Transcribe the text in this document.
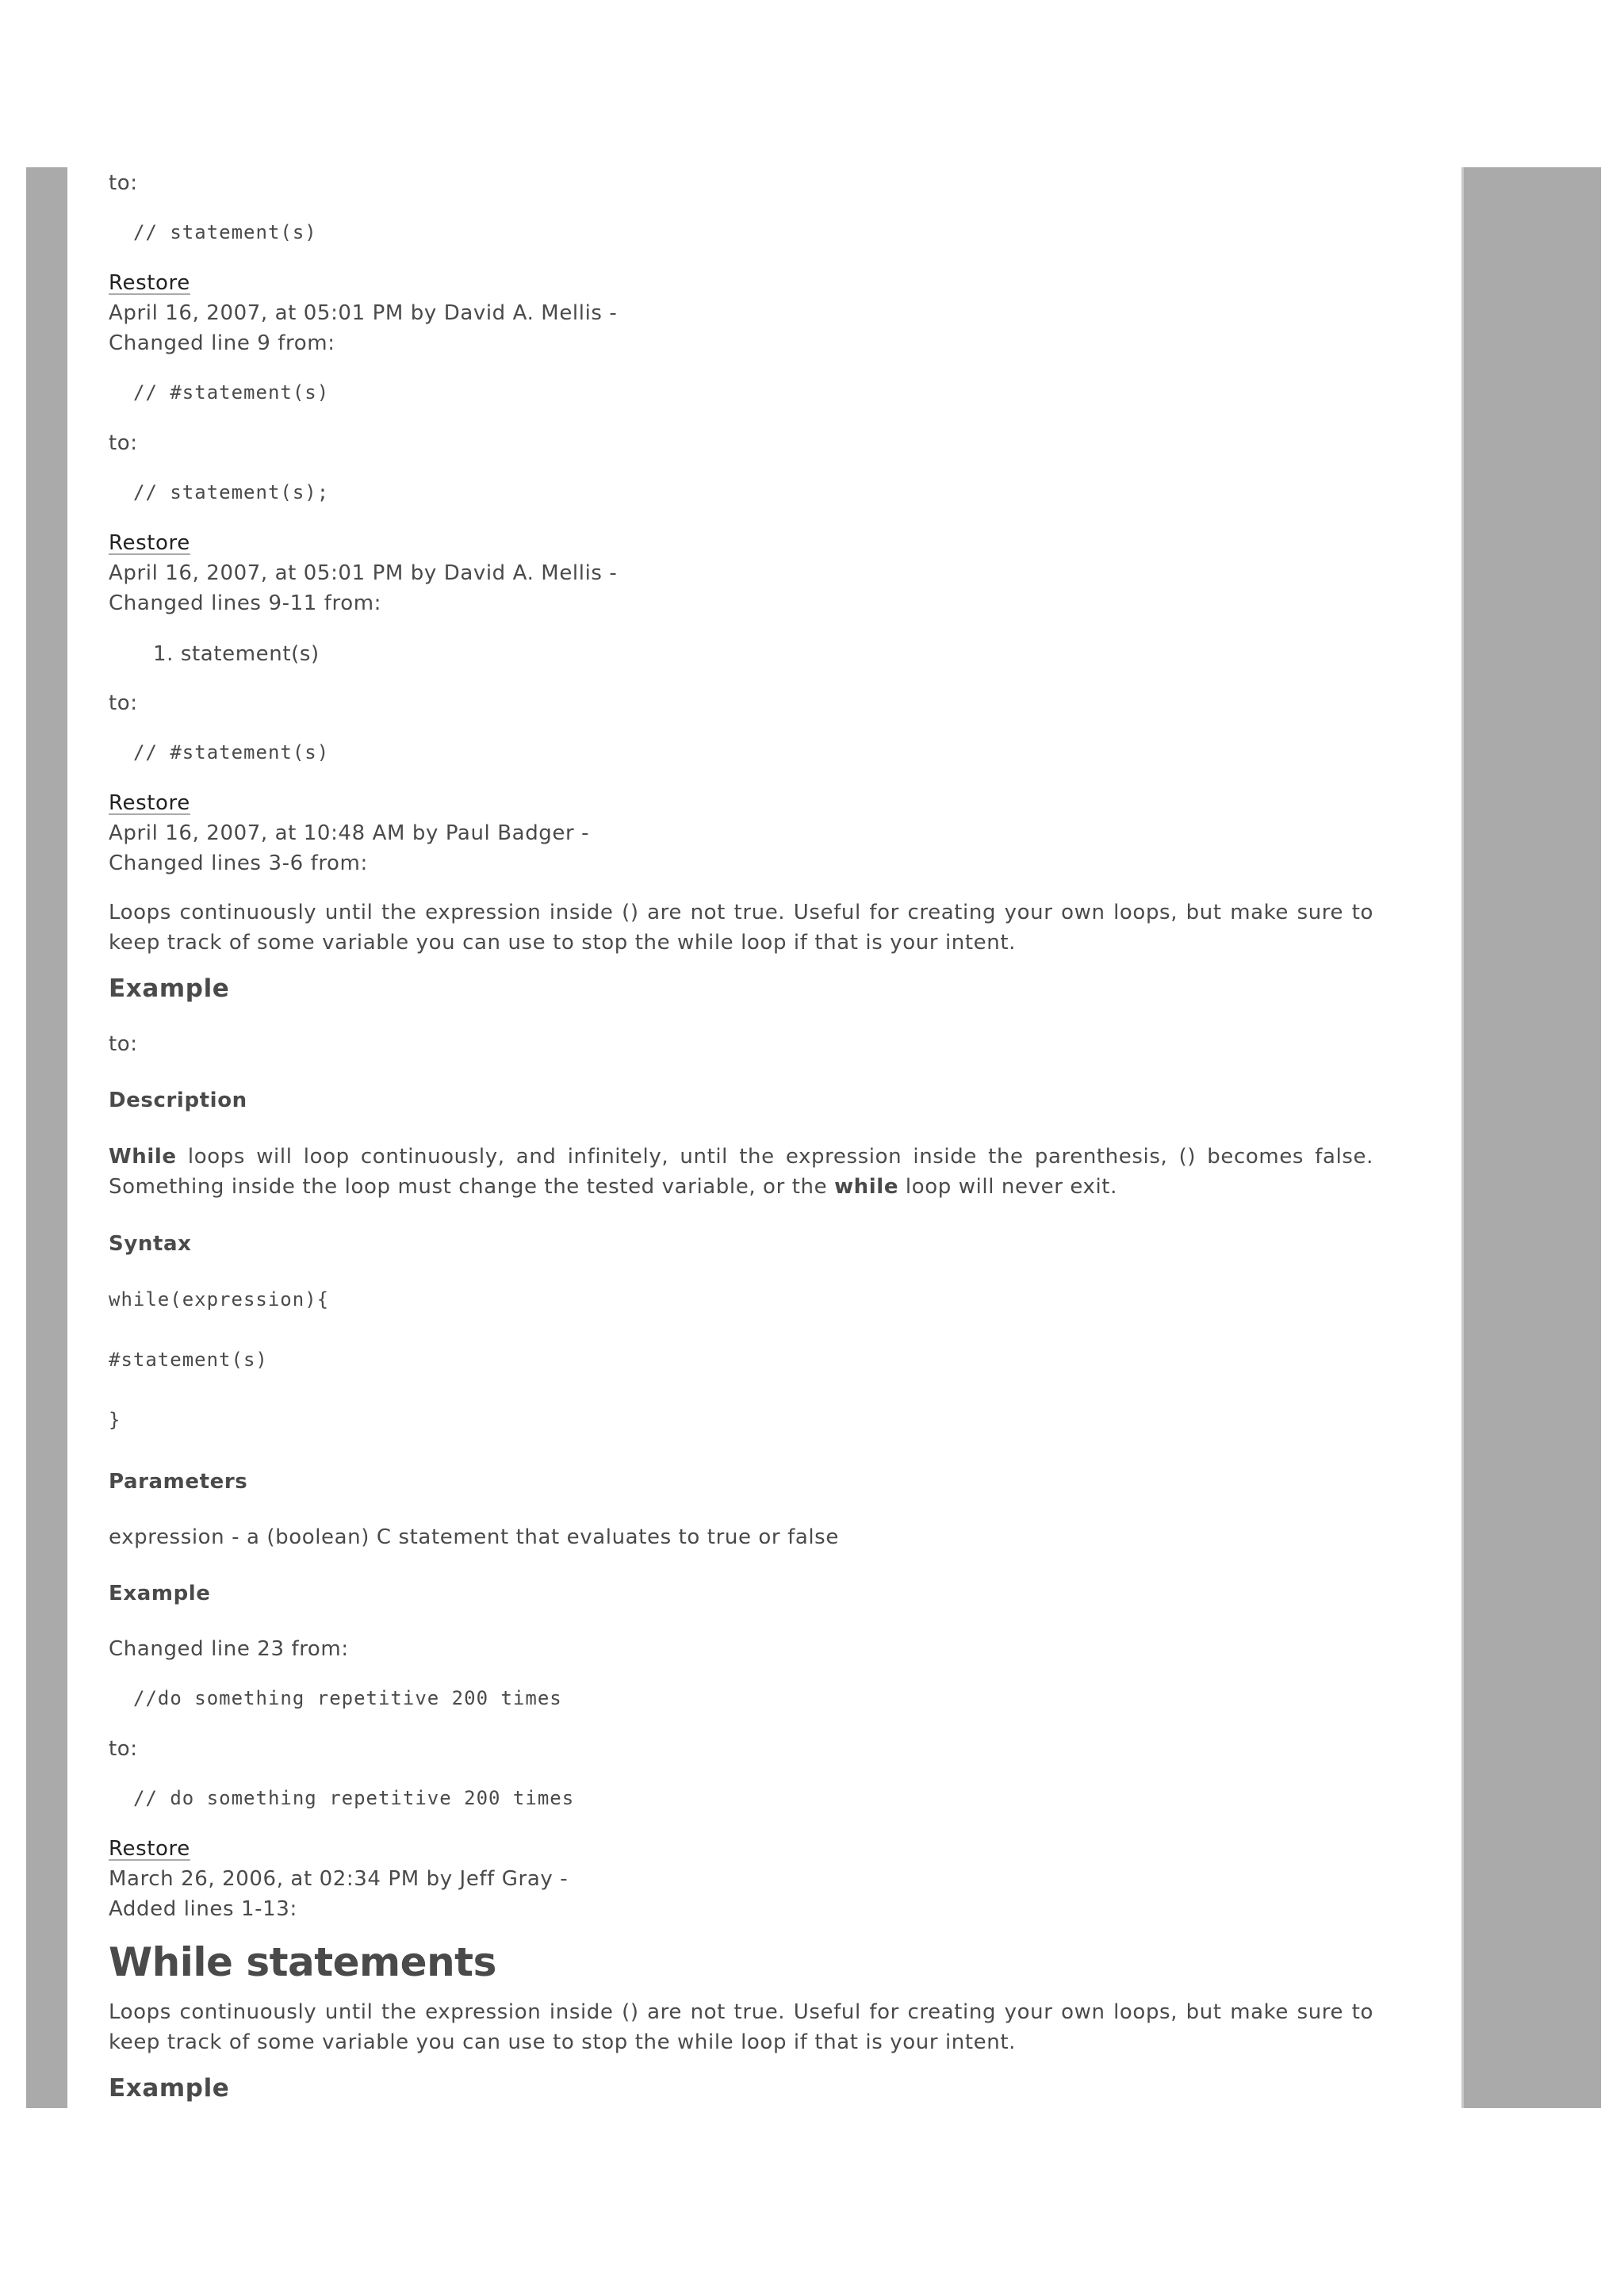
to:
// statement(s)
Restore
April 16, 2007, at 05:01 PM by David A. Mellis -
Changed line 9 from:
// #statement(s)
to:
// statement(s);
Restore
April 16, 2007, at 05:01 PM by David A. Mellis -
Changed lines 9-11 from:
1. statement(s)
to:
// #statement(s)
Restore
April 16, 2007, at 10:48 AM by Paul Badger -
Changed lines 3-6 from:
Loops continuously until the expression inside () are not true. Useful for creating your own loops, but make sure to keep track of some variable you can use to stop the while loop if that is your intent.
Example
to:
Description
While loops will loop continuously, and infinitely, until the expression inside the parenthesis, () becomes false. Something inside the loop must change the tested variable, or the while loop will never exit.
Syntax
while(expression){
#statement(s)
}
Parameters
expression - a (boolean) C statement that evaluates to true or false
Example
Changed line 23 from:
//do something repetitive 200 times
to:
// do something repetitive 200 times
Restore
March 26, 2006, at 02:34 PM by Jeff Gray -
Added lines 1-13:
While statements
Loops continuously until the expression inside () are not true. Useful for creating your own loops, but make sure to keep track of some variable you can use to stop the while loop if that is your intent.
Example
